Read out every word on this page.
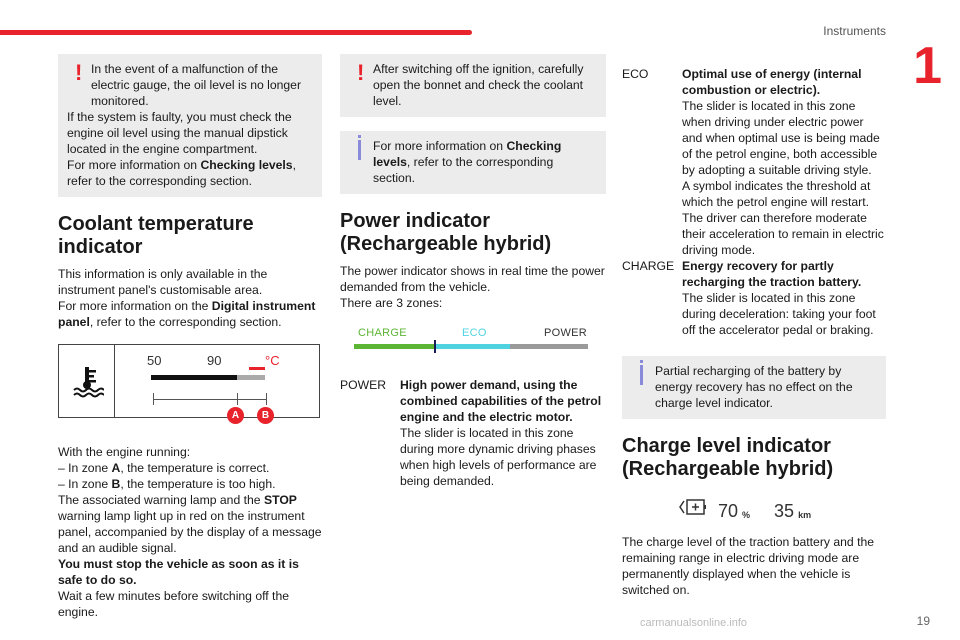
Instruments
1
! In the event of a malfunction of the electric gauge, the oil level is no longer monitored.

If the system is faulty, you must check the engine oil level using the manual dipstick located in the engine compartment.

For more information on Checking levels, refer to the corresponding section.

Coolant temperature indicator

This information is only available in the instrument panel's customisable area.

For more information on the Digital instrument panel, refer to the corresponding section.

50	90	°C
A	B

With the engine running:

– In zone A, the temperature is correct.

– In zone B, the temperature is too high.

The associated warning lamp and the STOP warning lamp light up in red on the instrument panel, accompanied by the display of a message and an audible signal.

You must stop the vehicle as soon as it is safe to do so.

Wait a few minutes before switching off the engine.

! After switching off the ignition, carefully open the bonnet and check the coolant level.

For more information on Checking levels, refer to the corresponding section.

Power indicator (Rechargeable hybrid)

The power indicator shows in real time the power demanded from the vehicle.

There are 3 zones:

CHARGE	ECO	POWER
POWER	High power demand, using the combined capabilities of the petrol engine and the electric motor.

The slider is located in this zone during more dynamic driving phases when high levels of performance are being demanded.

ECO	Optimal use of energy (internal combustion or electric).

The slider is located in this zone when driving under electric power and when optimal use is being made of the petrol engine, both accessible by adopting a suitable driving style.

A symbol indicates the threshold at which the petrol engine will restart. The driver can therefore moderate their acceleration to remain in electric driving mode.

CHARGE Energy recovery for partly recharging the traction battery.

The slider is located in this zone during deceleration: taking your foot off the accelerator pedal or braking.

Partial recharging of the battery by energy recovery has no effect on the charge level indicator.

Charge level indicator (Rechargeable hybrid)
70 % 35 km

The charge level of the traction battery and the remaining range in electric driving mode are permanently displayed when the vehicle is switched on.

carmanualsonline.info	19
